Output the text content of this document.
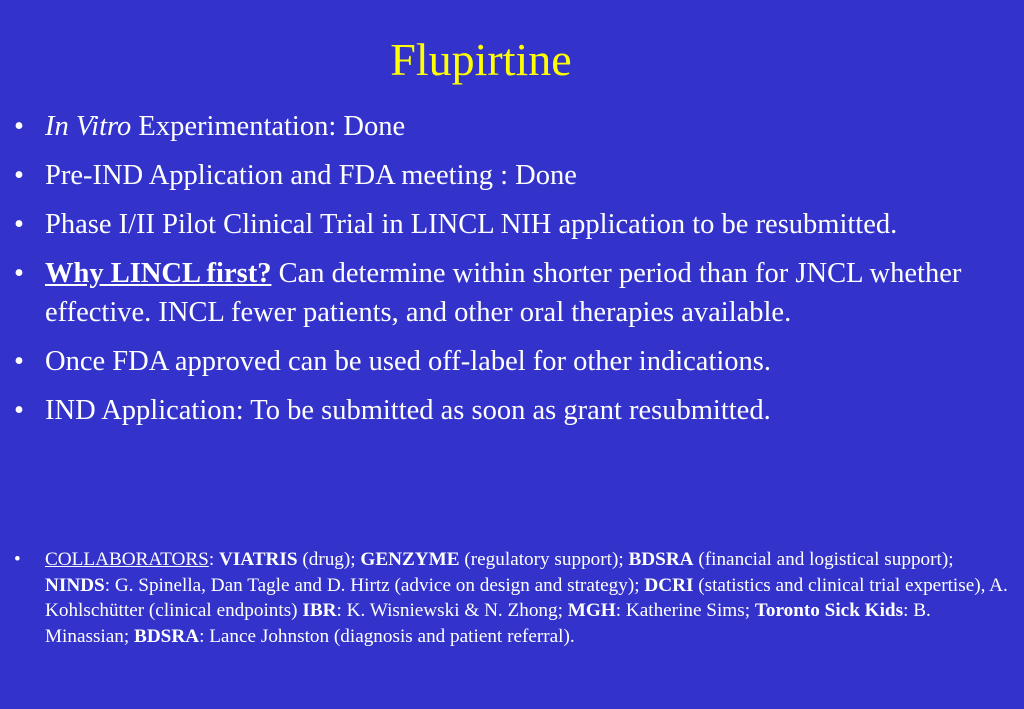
Flupirtine
• In Vitro Experimentation: Done
• Pre-IND Application and FDA meeting : Done
• Phase I/II Pilot Clinical Trial in LINCL NIH application to be resubmitted.
• Why LINCL first? Can determine within shorter period than for JNCL whether effective. INCL fewer patients, and other oral therapies available.
• Once FDA approved can be used off-label for other indications.
• IND Application: To be submitted as soon as grant resubmitted.
• COLLABORATORS: VIATRIS (drug); GENZYME (regulatory support); BDSRA (financial and logistical support); NINDS: G. Spinella, Dan Tagle and D. Hirtz (advice on design and strategy); DCRI (statistics and clinical trial expertise), A. Kohlschütter (clinical endpoints) IBR: K. Wisniewski & N. Zhong; MGH: Katherine Sims; Toronto Sick Kids: B. Minassian; BDSRA: Lance Johnston (diagnosis and patient referral).
